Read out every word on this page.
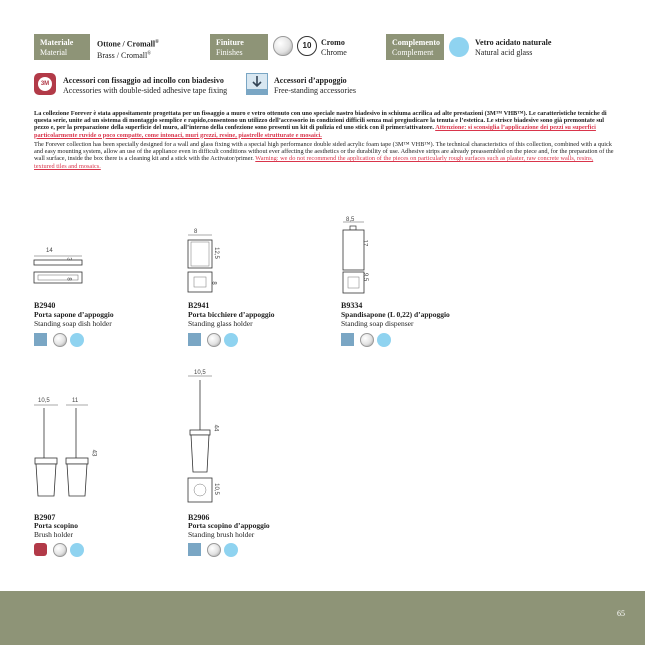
Materiale
Material
Ottone / Cromall®
Brass / Cromall®
Finiture
Finishes
10	Cromo
Chrome
Complemento
Complement
Vetro acidato naturale
Natural acid glass
3M	Accessori con fissaggio ad incollo con biadesivo
Accessories with double-sided adhesive tape fixing
Accessori d’appoggio
Free-standing accessories
La collezione Forever è stata appositamente progettata per un fissaggio a muro e vetro ottenuto con uno speciale nastro biadesivo in schiuma acrilica ad alte prestazioni (3M™ VHB™). Le caratteristiche tecniche di questa serie, unite ad un sistema di montaggio semplice e rapido,consentono un utilizzo dell’accessorio in condizioni difficili senza mai pregiudicare la tenuta e l’estetica. Le strisce biadesive sono già premontate sul pezzo e, per la preparazione della superficie del muro, all’interno della confezione sono presenti un kit di pulizia ed uno stick con il primer/attivatore. Attenzione: si sconsiglia l’applicazione dei pezzi su superfici particolarmente ruvide o poco compatte, come intonaci, muri grezzi, resine, piastrelle strutturate e mosaici.
The Forever collection has been specially designed for a wall and glass fixing with a special high performance double sided acrylic foam tape (3M™ VHB™). The technical characteristics of this collection, combined with a quick and easy mounting system, allow an use of the appliance even in difficult conditions without ever affecting the aesthetics or the durability of use. Adhesive strips are already preassembled on the piece and, for the preparation of the wall surface, inside the box there is a cleaning kit and a stick with the Activator/primer. Warning: we do not recommend the application of the pieces on particularly rough surfaces such as plaster, raw concrete walls, resins, textured tiles and mosaics.
14
3
8
8
12,5
8
8,5
17
9,5
10,5	11
43
10,5
44
10,5
B2940
Porta sapone d’appoggio
Standing soap dish holder
B2941
Porta bicchiere d’appoggio
Standing glass holder
B9334
Spandisapone (L 0,22) d’appoggio
Standing soap dispenser
B2907
Porta scopino
Brush holder
B2906
Porta scopino d’appoggio
Standing brush holder
65
